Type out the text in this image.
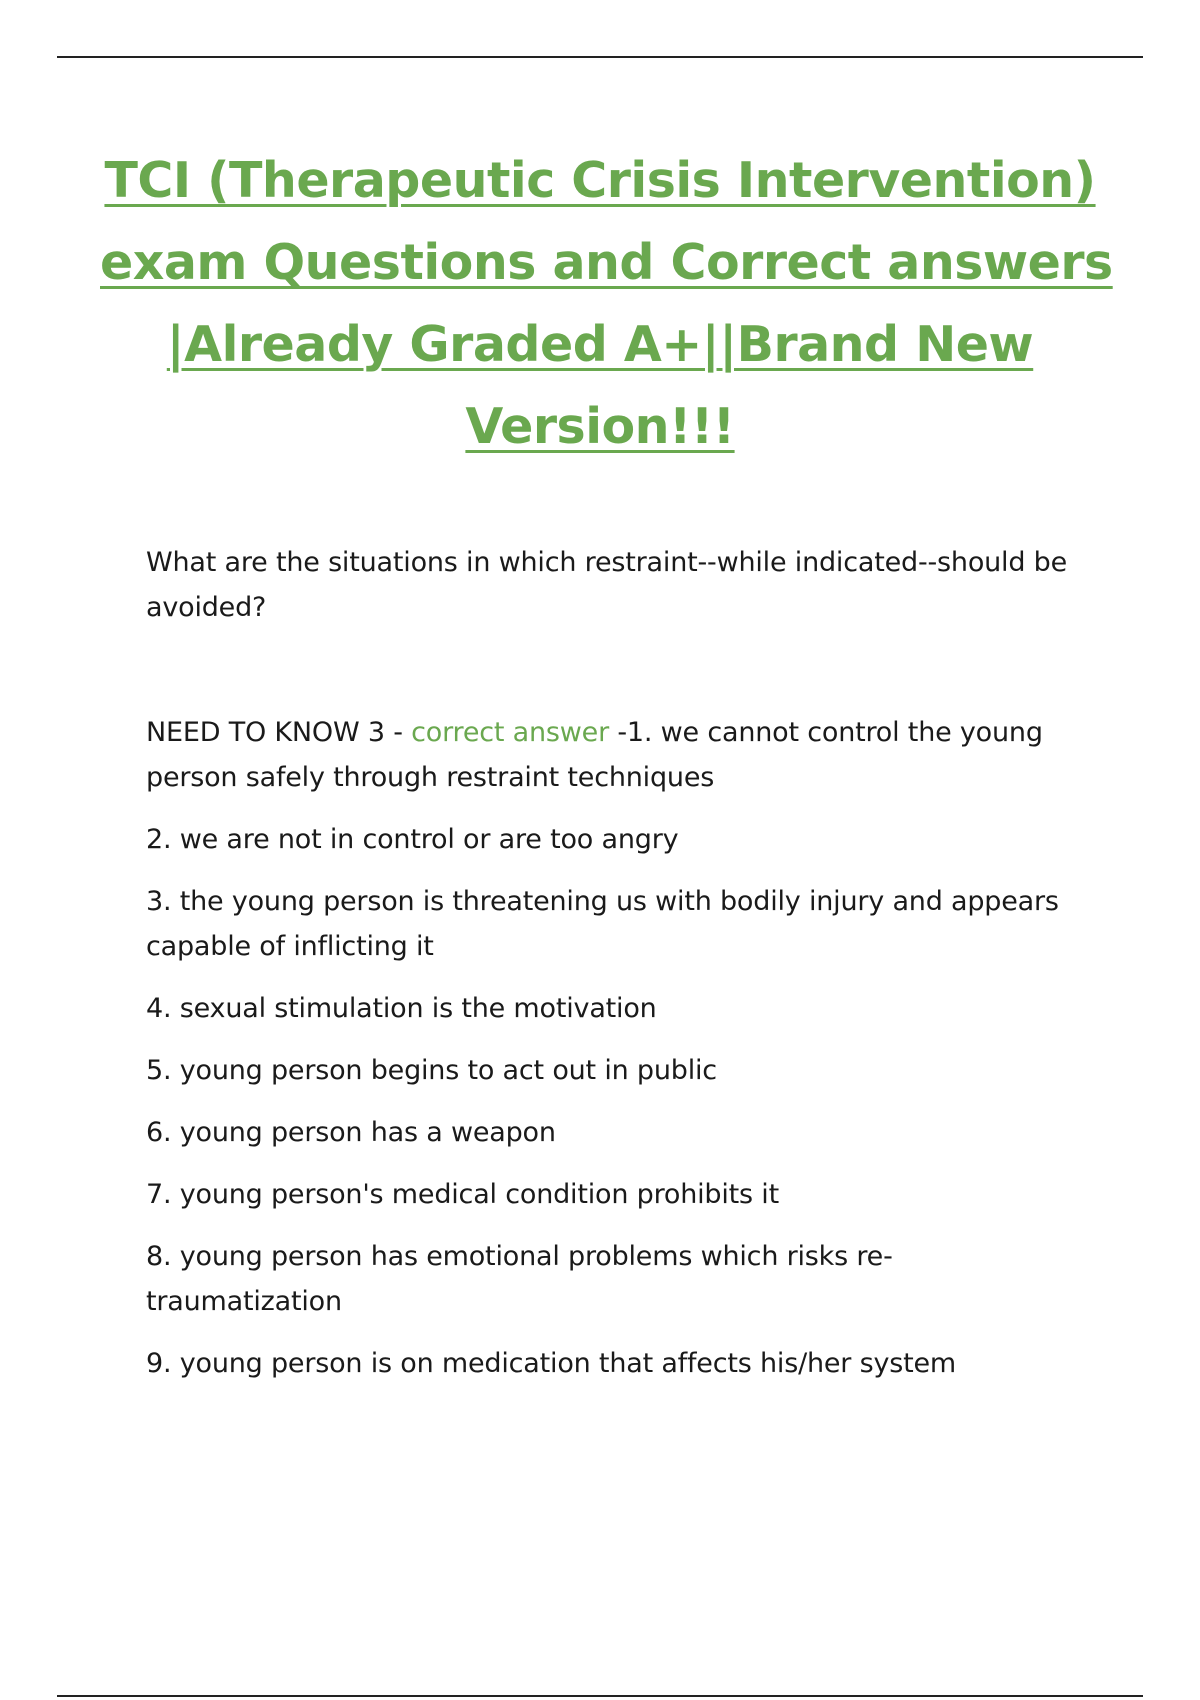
TCI (Therapeutic Crisis Intervention)
exam Questions and Correct answers
|Already Graded A+||Brand New
Version!!!
What are the situations in which restraint--while indicated--should be avoided?

NEED TO KNOW 3 - correct answer -1. we cannot control the young person safely through restraint techniques

2. we are not in control or are too angry

3. the young person is threatening us with bodily injury and appears capable of inflicting it

4. sexual stimulation is the motivation

5. young person begins to act out in public

6. young person has a weapon

7. young person's medical condition prohibits it

8. young person has emotional problems which risks re-traumatization

9. young person is on medication that affects his/her system
